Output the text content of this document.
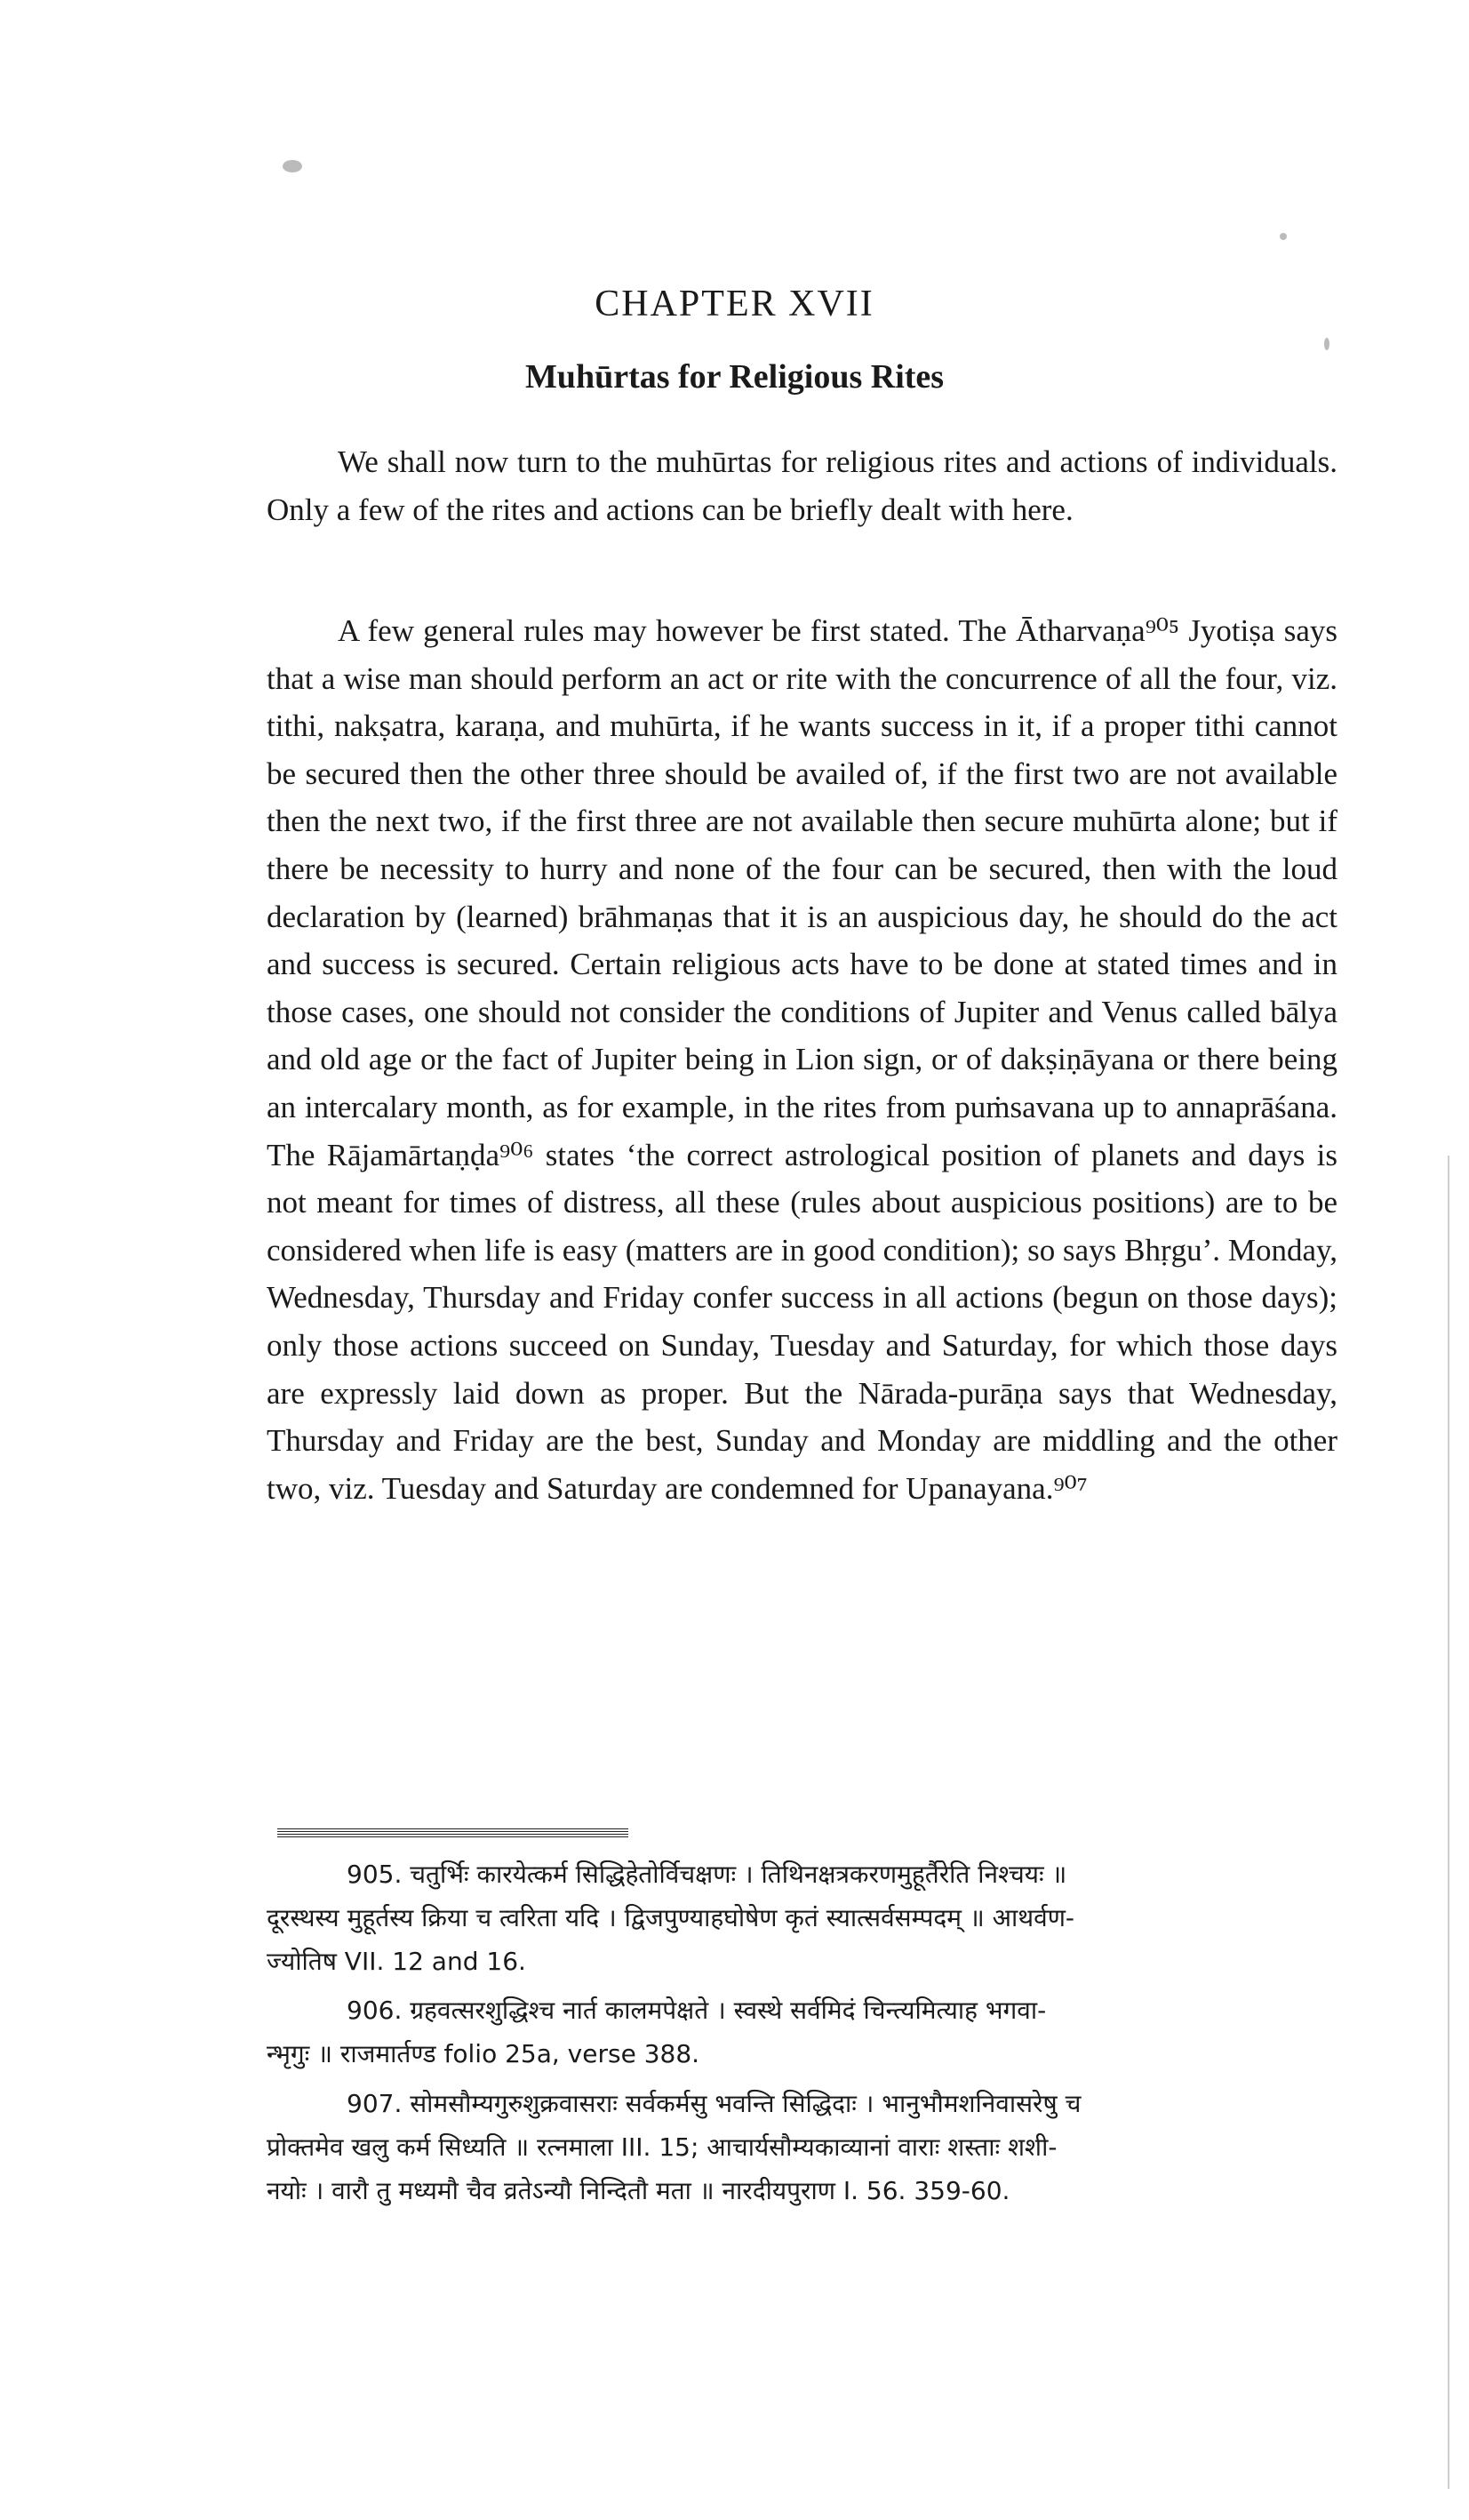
CHAPTER XVII
Muhūrtas for Religious Rites

We shall now turn to the muhūrtas for religious rites and actions of individuals. Only a few of the rites and actions can be briefly dealt with here.

A few general rules may however be first stated. The Ātharvaṇa⁹⁰⁵ Jyotiṣa says that a wise man should perform an act or rite with the concurrence of all the four, viz. tithi, nakṣatra, karaṇa, and muhūrta, if he wants success in it, if a proper tithi cannot be secured then the other three should be availed of, if the first two are not available then the next two, if the first three are not available then secure muhūrta alone; but if there be necessity to hurry and none of the four can be secured, then with the loud declaration by (learned) brāhmaṇas that it is an auspicious day, he should do the act and success is secured. Certain religious acts have to be done at stated times and in those cases, one should not consider the conditions of Jupiter and Venus called bālya and old age or the fact of Jupiter being in Lion sign, or of dakṣiṇāyana or there being an intercalary month, as for example, in the rites from puṁsavana up to annaprāśana. The Rājamārtaṇḍa⁹⁰⁶ states ‘the correct astrological position of planets and days is not meant for times of distress, all these (rules about auspicious positions) are to be considered when life is easy (matters are in good condition); so says Bhṛgu’. Monday, Wednesday, Thursday and Friday confer success in all actions (begun on those days); only those actions succeed on Sunday, Tuesday and Saturday, for which those days are expressly laid down as proper. But the Nārada-purāṇa says that Wednesday, Thursday and Friday are the best, Sunday and Monday are middling and the other two, viz. Tuesday and Saturday are condemned for Upanayana.⁹⁰⁷

905. चतुर्भिः कारयेत्कर्म सिद्धिहेतोर्विचक्षणः । तिथिनक्षत्रकरणमुहूर्तैरेति निश्चयः ॥

दूरस्थस्य मुहूर्तस्य क्रिया च त्वरिता यदि । द्विजपुण्याहघोषेण कृतं स्यात्सर्वसम्पदम् ॥ आथर्वण-

ज्योतिष VII. 12 and 16.

906. ग्रहवत्सरशुद्धिश्च नार्त कालमपेक्षते । स्वस्थे सर्वमिदं चिन्त्यमित्याह भगवा-

न्भृगुः ॥ राजमार्तण्ड folio 25a, verse 388.

907. सोमसौम्यगुरुशुक्रवासराः सर्वकर्मसु भवन्ति सिद्धिदाः । भानुभौमशनिवासरेषु च

प्रोक्तमेव खलु कर्म सिध्यति ॥ रत्नमाला III. 15; आचार्यसौम्यकाव्यानां वाराः शस्ताः शशी-

नयोः । वारौ तु मध्यमौ चैव व्रतेऽन्यौ निन्दितौ मता ॥ नारदीयपुराण I. 56. 359-60.
